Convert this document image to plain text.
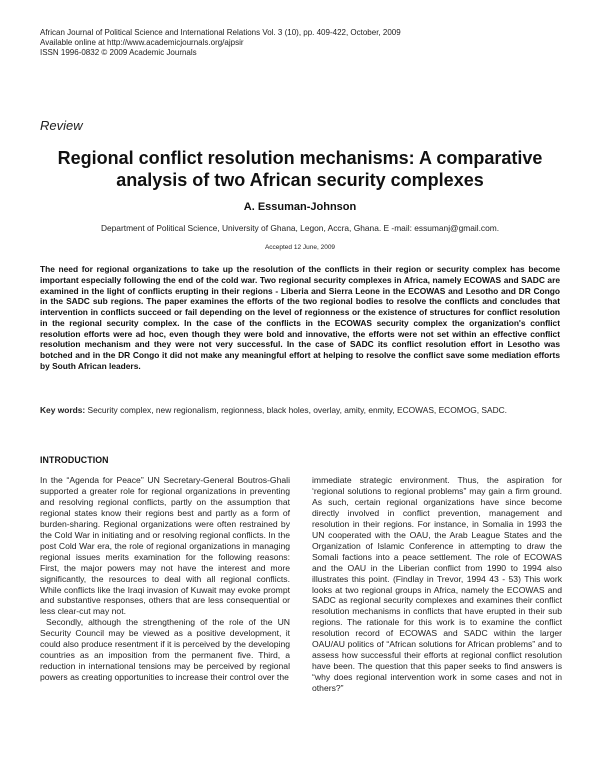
African Journal of Political Science and International Relations Vol. 3 (10), pp. 409-422, October, 2009
Available online at http://www.academicjournals.org/ajpsir
ISSN 1996-0832 © 2009 Academic Journals
Review
Regional conflict resolution mechanisms: A comparative analysis of two African security complexes
A. Essuman-Johnson
Department of Political Science, University of Ghana, Legon, Accra, Ghana. E -mail: essumanj@gmail.com.
Accepted 12 June, 2009

The need for regional organizations to take up the resolution of the conflicts in their region or security complex has become important especially following the end of the cold war. Two regional security complexes in Africa, namely ECOWAS and SADC are examined in the light of conflicts erupting in their regions - Liberia and Sierra Leone in the ECOWAS and Lesotho and DR Congo in the SADC sub regions. The paper examines the efforts of the two regional bodies to resolve the conflicts and concludes that intervention in conflicts succeed or fail depending on the level of regionness or the existence of structures for conflict resolution in the regional security complex. In the case of the conflicts in the ECOWAS security complex the organization's conflict resolution efforts were ad hoc, even though they were bold and innovative, the efforts were not set within an effective conflict resolution mechanism and they were not very successful. In the case of SADC its conflict resolution effort in Lesotho was botched and in the DR Congo it did not make any meaningful effort at helping to resolve the conflict save some mediation efforts by South African leaders.

Key words: Security complex, new regionalism, regionness, black holes, overlay, amity, enmity, ECOWAS, ECOMOG, SADC.

INTRODUCTION

In the “Agenda for Peace” UN Secretary-General Boutros-Ghali supported a greater role for regional organizations in preventing and resolving regional conflicts, partly on the assumption that regional states know their regions best and partly as a form of burden-sharing. Regional organizations were often restrained by the Cold War in initiating and or resolving regional conflicts. In the post Cold War era, the role of regional organizations in managing regional issues merits examination for the following reasons: First, the major powers may not have the interest and more significantly, the resources to deal with all regional conflicts. While conflicts like the Iraqi invasion of Kuwait may evoke prompt and substantive responses, others that are less consequential or less clear-cut may not.

Secondly, although the strengthening of the role of the UN Security Council may be viewed as a positive development, it could also produce resentment if it is perceived by the developing countries as an imposition from the permanent five. Third, a reduction in international tensions may be perceived by regional powers as creating opportunities to increase their control over the

immediate strategic environment. Thus, the aspiration for ‘regional solutions to regional problems” may gain a firm ground. As such, certain regional organizations have since become directly involved in conflict prevention, management and resolution in their regions. For instance, in Somalia in 1993 the UN cooperated with the OAU, the Arab League States and the Organization of Islamic Conference in attempting to draw the Somali factions into a peace settlement. The role of ECOWAS and the OAU in the Liberian conflict from 1990 to 1994 also illustrates this point. (Findlay in Trevor, 1994 43 - 53) This work looks at two regional groups in Africa, namely the ECOWAS and SADC as regional security complexes and examines their conflict resolution mechanisms in conflicts that have erupted in their sub regions. The rationale for this work is to examine the conflict resolution record of ECOWAS and SADC within the larger OAU/AU politics of “African solutions for African problems” and to assess how successful their efforts at regional conflict resolution have been. The question that this paper seeks to find answers is “why does regional intervention work in some cases and not in others?”
